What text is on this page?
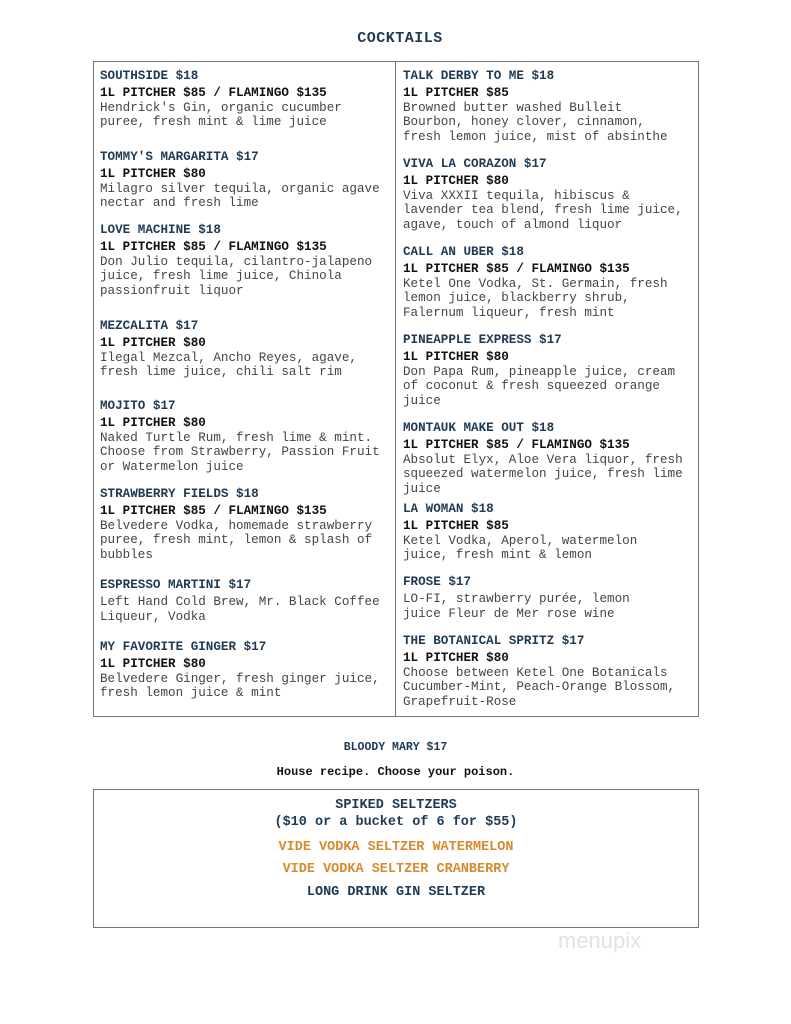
COCKTAILS
SOUTHSIDE $18
1L PITCHER $85 / FLAMINGO $135
Hendrick's Gin, organic cucumber
puree, fresh mint & lime juice
TOMMY'S MARGARITA $17
1L PITCHER $80
Milagro silver tequila, organic agave
nectar and fresh lime
LOVE MACHINE $18
1L PITCHER $85 / FLAMINGO $135
Don Julio tequila, cilantro-jalapeno
juice, fresh lime juice, Chinola
passionfruit liquor
MEZCALITA $17
1L PITCHER $80
Ilegal Mezcal, Ancho Reyes, agave,
fresh lime juice, chili salt rim
MOJITO $17
1L PITCHER $80
Naked Turtle Rum, fresh lime & mint.
Choose from Strawberry, Passion Fruit
or Watermelon juice
STRAWBERRY FIELDS $18
1L PITCHER $85 / FLAMINGO $135
Belvedere Vodka, homemade strawberry
puree, fresh mint, lemon & splash of
bubbles
ESPRESSO MARTINI $17
Left Hand Cold Brew, Mr. Black Coffee
Liqueur, Vodka
MY FAVORITE GINGER $17
1L PITCHER $80
Belvedere Ginger, fresh ginger juice,
fresh lemon juice & mint
TALK DERBY TO ME $18
1L PITCHER $85
Browned butter washed Bulleit
Bourbon, honey clover, cinnamon,
fresh lemon juice, mist of absinthe
VIVA LA CORAZON $17
1L PITCHER $80
Viva XXXII tequila, hibiscus &
lavender tea blend, fresh lime juice,
agave, touch of almond liquor
CALL AN UBER $18
1L PITCHER $85 / FLAMINGO $135
Ketel One Vodka, St. Germain, fresh
lemon juice, blackberry shrub,
Falernum liqueur, fresh mint
PINEAPPLE EXPRESS $17
1L PITCHER $80
Don Papa Rum, pineapple juice, cream
of coconut & fresh squeezed orange
juice
MONTAUK MAKE OUT $18
1L PITCHER $85 / FLAMINGO $135
Absolut Elyx, Aloe Vera liquor, fresh
squeezed watermelon juice, fresh lime
juice
LA WOMAN $18
1L PITCHER $85
Ketel Vodka, Aperol, watermelon
juice, fresh mint & lemon
FROSE $17
LO-FI, strawberry purée, lemon
juice Fleur de Mer rose wine
THE BOTANICAL SPRITZ $17
1L PITCHER $80
Choose between Ketel One Botanicals
Cucumber-Mint, Peach-Orange Blossom,
Grapefruit-Rose
BLOODY MARY $17
House recipe. Choose your poison.
SPIKED SELTZERS
($10 or a bucket of 6 for $55)
VIDE VODKA SELTZER WATERMELON
VIDE VODKA SELTZER CRANBERRY
LONG DRINK GIN SELTZER
menupix
